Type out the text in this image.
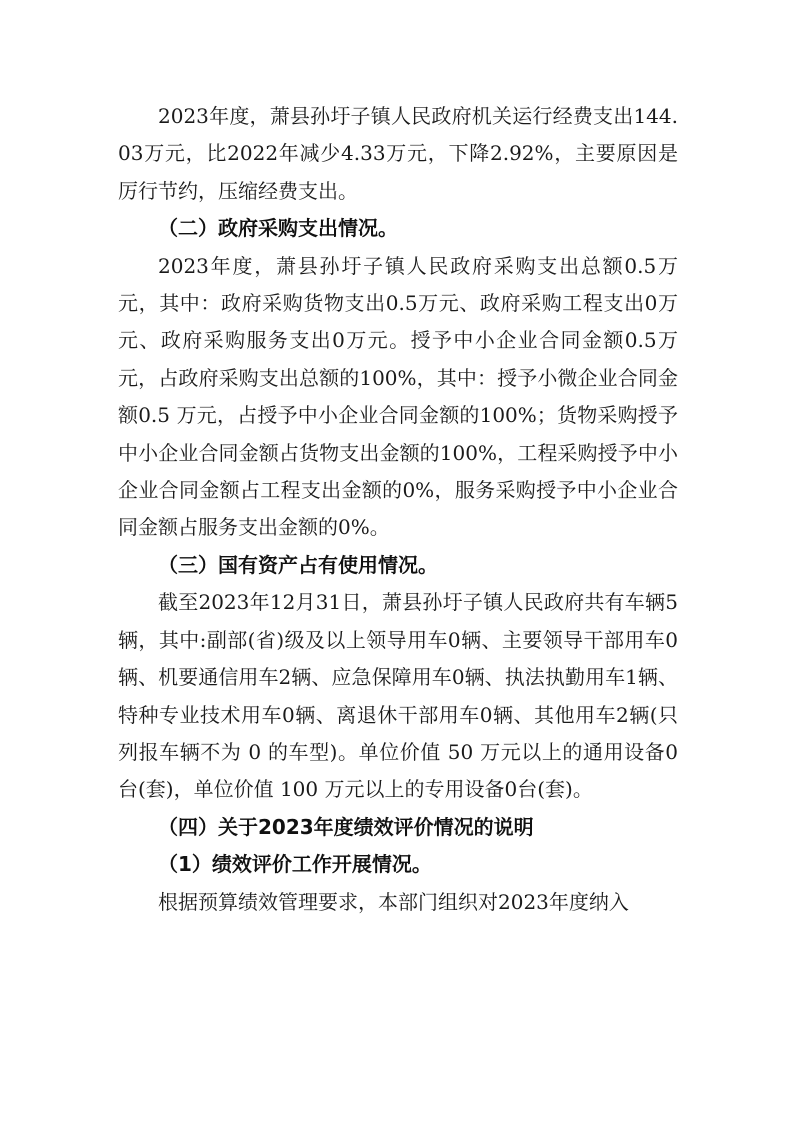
2023年度，萧县孙圩子镇人民政府机关运行经费支出144.03万元，比2022年减少4.33万元，下降2.92%，主要原因是厉行节约，压缩经费支出。

（二）政府采购支出情况。

2023年度，萧县孙圩子镇人民政府采购支出总额0.5万元，其中：政府采购货物支出0.5万元、政府采购工程支出0万元、政府采购服务支出0万元。授予中小企业合同金额0.5万元，占政府采购支出总额的100%，其中：授予小微企业合同金额0.5 万元，占授予中小企业合同金额的100%；货物采购授予中小企业合同金额占货物支出金额的100%，工程采购授予中小企业合同金额占工程支出金额的0%，服务采购授予中小企业合同金额占服务支出金额的0%。

（三）国有资产占有使用情况。

截至2023年12月31日，萧县孙圩子镇人民政府共有车辆5辆，其中:副部(省)级及以上领导用车0辆、主要领导干部用车0辆、机要通信用车2辆、应急保障用车0辆、执法执勤用车1辆、特种专业技术用车0辆、离退休干部用车0辆、其他用车2辆(只列报车辆不为 0 的车型)。单位价值 50 万元以上的通用设备0台(套)，单位价值 100 万元以上的专用设备0台(套)。

（四）关于2023年度绩效评价情况的说明

（1）绩效评价工作开展情况。

根据预算绩效管理要求，本部门组织对2023年度纳入
